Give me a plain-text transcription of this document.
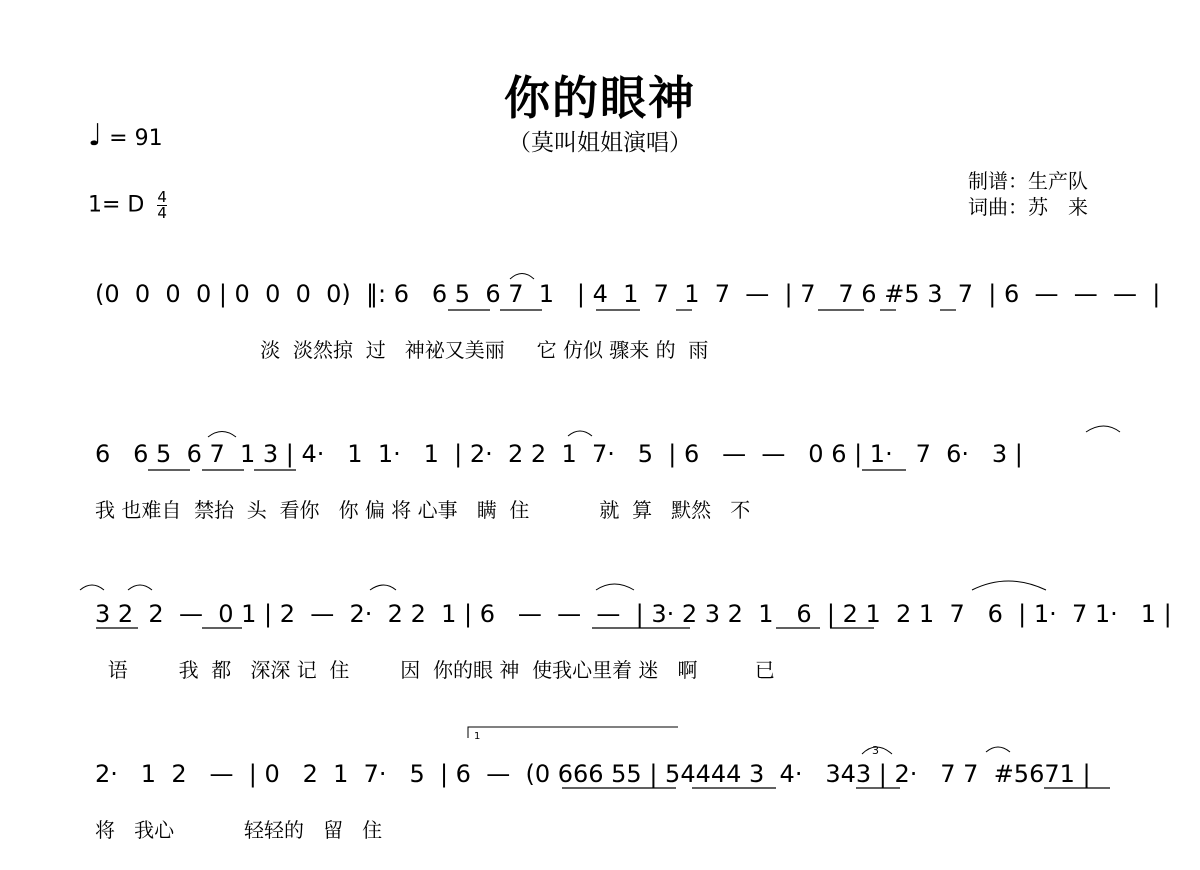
你的眼神
（莫叫姐姐演唱）
♩ = 91
1= D $\frac{4}{4}$
制谱：生产队
词曲：苏　来
(0  0  0  0 | 0  0  0  0)  ‖: 6   6 5  6 7  1   | 4  1  7  1  7  —  | 7   7 6 #5 3  7  | 6  —  —  —  |
淡  淡然掠  过   神祕又美丽     它 仿似 骤来 的  雨
6   6 5  6 7  1 3 | 4·   1  1·   1  | 2·  2 2  1  7·   5  | 6   —  —   0 6 | 1·   7  6·   3 |
我 也难自  禁抬  头  看你   你 偏 将 心事   瞒  住           就  算   默然   不
3 2  2  —  0 1 | 2  —  2·  2 2  1 | 6   —  —  —  | 3· 2 3 2  1   6  | 2 1  2 1  7   6  | 1·  7 1·   1 |
语        我  都   深深 记  住        因  你的眼 神  使我心里着 迷   啊         已
2·   1  2   —  | 0   2  1  7·   5  | 6  —  (0 666 55 | 54444 3  4·   343 | 2·   7 7  #5671 |
将   我心           轻轻的   留   住
1
3
